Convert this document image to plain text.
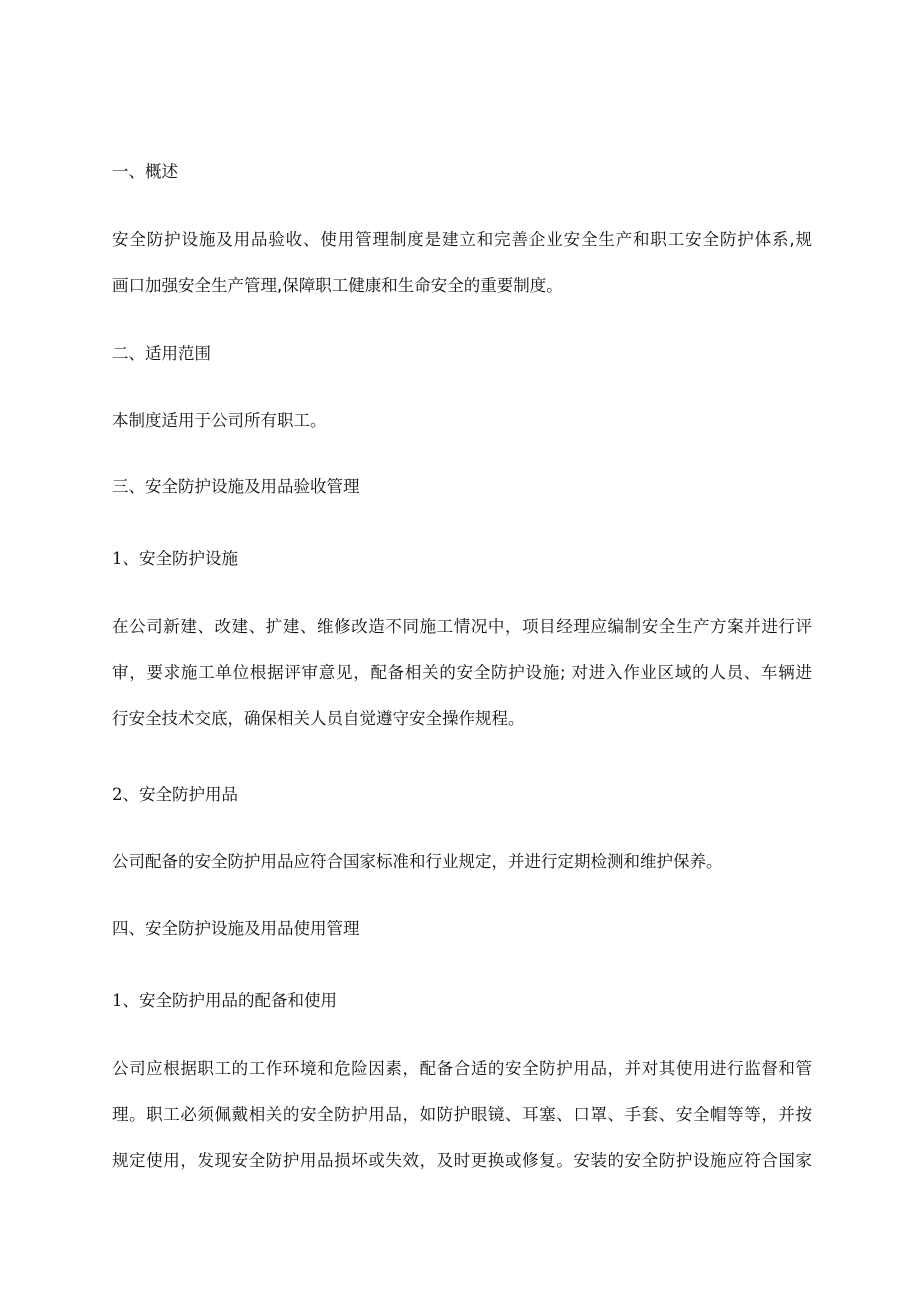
一、概述
安全防护设施及用品验收、使用管理制度是建立和完善企业安全生产和职工安全防护体系,规
画口加强安全生产管理,保障职工健康和生命安全的重要制度。
二、适用范围
本制度适用于公司所有职工。
三、安全防护设施及用品验收管理
1、安全防护设施
在公司新建、改建、扩建、维修改造不同施工情况中，项目经理应编制安全生产方案并进行评
审，要求施工单位根据评审意见，配备相关的安全防护设施; 对进入作业区域的人员、车辆进
行安全技术交底，确保相关人员自觉遵守安全操作规程。
2、安全防护用品
公司配备的安全防护用品应符合国家标准和行业规定，并进行定期检测和维护保养。
四、安全防护设施及用品使用管理
1、安全防护用品的配备和使用
公司应根据职工的工作环境和危险因素，配备合适的安全防护用品，并对其使用进行监督和管
理。职工必须佩戴相关的安全防护用品，如防护眼镜、耳塞、口罩、手套、安全帽等等，并按
规定使用，发现安全防护用品损坏或失效，及时更换或修复。安装的安全防护设施应符合国家
